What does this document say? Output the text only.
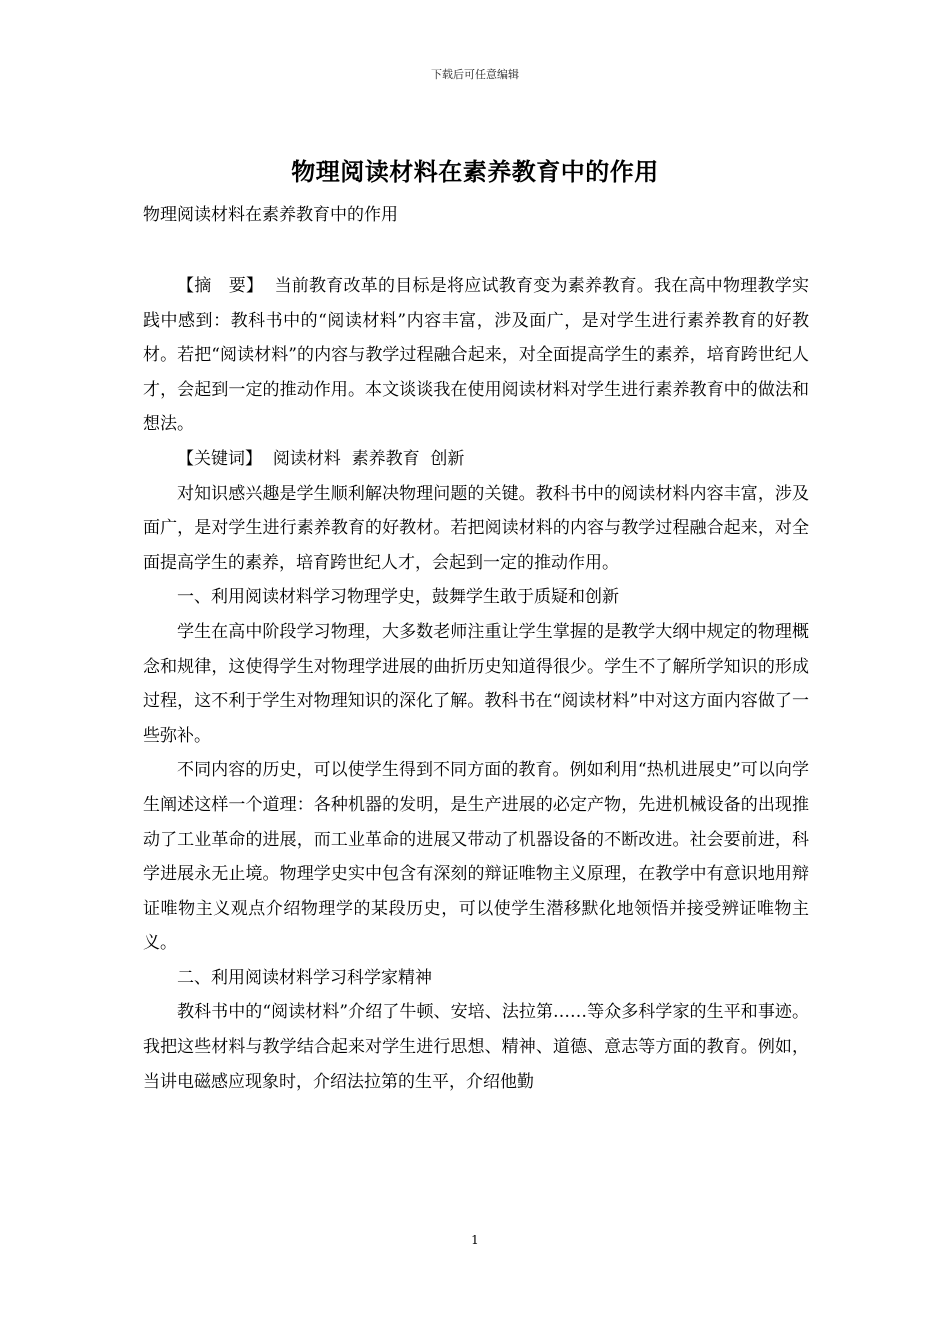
下载后可任意编辑
物理阅读材料在素养教育中的作用
物理阅读材料在素养教育中的作用

【摘　要】 当前教育改革的目标是将应试教育变为素养教育。我在高中物理教学实践中感到：教科书中的“阅读材料”内容丰富，涉及面广，是对学生进行素养教育的好教材。若把“阅读材料”的内容与教学过程融合起来，对全面提高学生的素养，培育跨世纪人才，会起到一定的推动作用。本文谈谈我在使用阅读材料对学生进行素养教育中的做法和想法。

【关键词】 阅读材料  素养教育  创新

对知识感兴趣是学生顺利解决物理问题的关键。教科书中的阅读材料内容丰富，涉及面广，是对学生进行素养教育的好教材。若把阅读材料的内容与教学过程融合起来，对全面提高学生的素养，培育跨世纪人才，会起到一定的推动作用。

一、利用阅读材料学习物理学史，鼓舞学生敢于质疑和创新

学生在高中阶段学习物理，大多数老师注重让学生掌握的是教学大纲中规定的物理概念和规律，这使得学生对物理学进展的曲折历史知道得很少。学生不了解所学知识的形成过程，这不利于学生对物理知识的深化了解。教科书在“阅读材料”中对这方面内容做了一些弥补。

不同内容的历史，可以使学生得到不同方面的教育。例如利用“热机进展史”可以向学生阐述这样一个道理：各种机器的发明，是生产进展的必定产物，先进机械设备的出现推动了工业革命的进展，而工业革命的进展又带动了机器设备的不断改进。社会要前进，科学进展永无止境。物理学史实中包含有深刻的辩证唯物主义原理，在教学中有意识地用辩证唯物主义观点介绍物理学的某段历史，可以使学生潜移默化地领悟并接受辨证唯物主义。

二、利用阅读材料学习科学家精神

教科书中的“阅读材料”介绍了牛顿、安培、法拉第……等众多科学家的生平和事迹。我把这些材料与教学结合起来对学生进行思想、精神、道德、意志等方面的教育。例如，当讲电磁感应现象时，介绍法拉第的生平，介绍他勤

1
